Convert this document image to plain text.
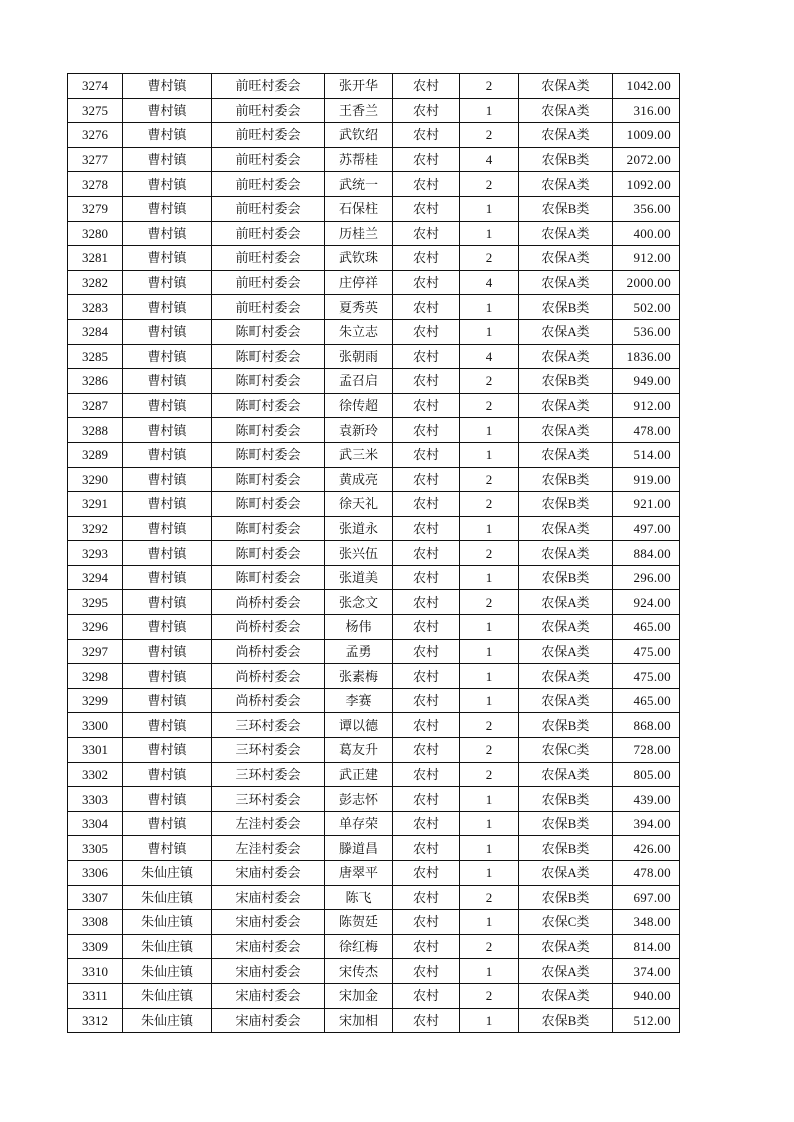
3274	曹村镇	前旺村委会	张开华	农村	2	农保A类	1042.00
3275	曹村镇	前旺村委会	王香兰	农村	1	农保A类	316.00
3276	曹村镇	前旺村委会	武钦绍	农村	2	农保A类	1009.00
3277	曹村镇	前旺村委会	苏帮桂	农村	4	农保B类	2072.00
3278	曹村镇	前旺村委会	武统一	农村	2	农保A类	1092.00
3279	曹村镇	前旺村委会	石保柱	农村	1	农保B类	356.00
3280	曹村镇	前旺村委会	历桂兰	农村	1	农保A类	400.00
3281	曹村镇	前旺村委会	武钦珠	农村	2	农保A类	912.00
3282	曹村镇	前旺村委会	庄停祥	农村	4	农保A类	2000.00
3283	曹村镇	前旺村委会	夏秀英	农村	1	农保B类	502.00
3284	曹村镇	陈町村委会	朱立志	农村	1	农保A类	536.00
3285	曹村镇	陈町村委会	张朝雨	农村	4	农保A类	1836.00
3286	曹村镇	陈町村委会	孟召启	农村	2	农保B类	949.00
3287	曹村镇	陈町村委会	徐传超	农村	2	农保A类	912.00
3288	曹村镇	陈町村委会	袁新玲	农村	1	农保A类	478.00
3289	曹村镇	陈町村委会	武三米	农村	1	农保A类	514.00
3290	曹村镇	陈町村委会	黄成亮	农村	2	农保B类	919.00
3291	曹村镇	陈町村委会	徐天礼	农村	2	农保B类	921.00
3292	曹村镇	陈町村委会	张道永	农村	1	农保A类	497.00
3293	曹村镇	陈町村委会	张兴伍	农村	2	农保A类	884.00
3294	曹村镇	陈町村委会	张道美	农村	1	农保B类	296.00
3295	曹村镇	尚桥村委会	张念文	农村	2	农保A类	924.00
3296	曹村镇	尚桥村委会	杨伟	农村	1	农保A类	465.00
3297	曹村镇	尚桥村委会	孟勇	农村	1	农保A类	475.00
3298	曹村镇	尚桥村委会	张素梅	农村	1	农保A类	475.00
3299	曹村镇	尚桥村委会	李赛	农村	1	农保A类	465.00
3300	曹村镇	三环村委会	谭以德	农村	2	农保B类	868.00
3301	曹村镇	三环村委会	葛友升	农村	2	农保C类	728.00
3302	曹村镇	三环村委会	武正建	农村	2	农保A类	805.00
3303	曹村镇	三环村委会	彭志怀	农村	1	农保B类	439.00
3304	曹村镇	左洼村委会	单存荣	农村	1	农保B类	394.00
3305	曹村镇	左洼村委会	滕道昌	农村	1	农保B类	426.00
3306	朱仙庄镇	宋庙村委会	唐翠平	农村	1	农保A类	478.00
3307	朱仙庄镇	宋庙村委会	陈飞	农村	2	农保B类	697.00
3308	朱仙庄镇	宋庙村委会	陈贺廷	农村	1	农保C类	348.00
3309	朱仙庄镇	宋庙村委会	徐红梅	农村	2	农保A类	814.00
3310	朱仙庄镇	宋庙村委会	宋传杰	农村	1	农保A类	374.00
3311	朱仙庄镇	宋庙村委会	宋加金	农村	2	农保A类	940.00
3312	朱仙庄镇	宋庙村委会	宋加相	农村	1	农保B类	512.00
